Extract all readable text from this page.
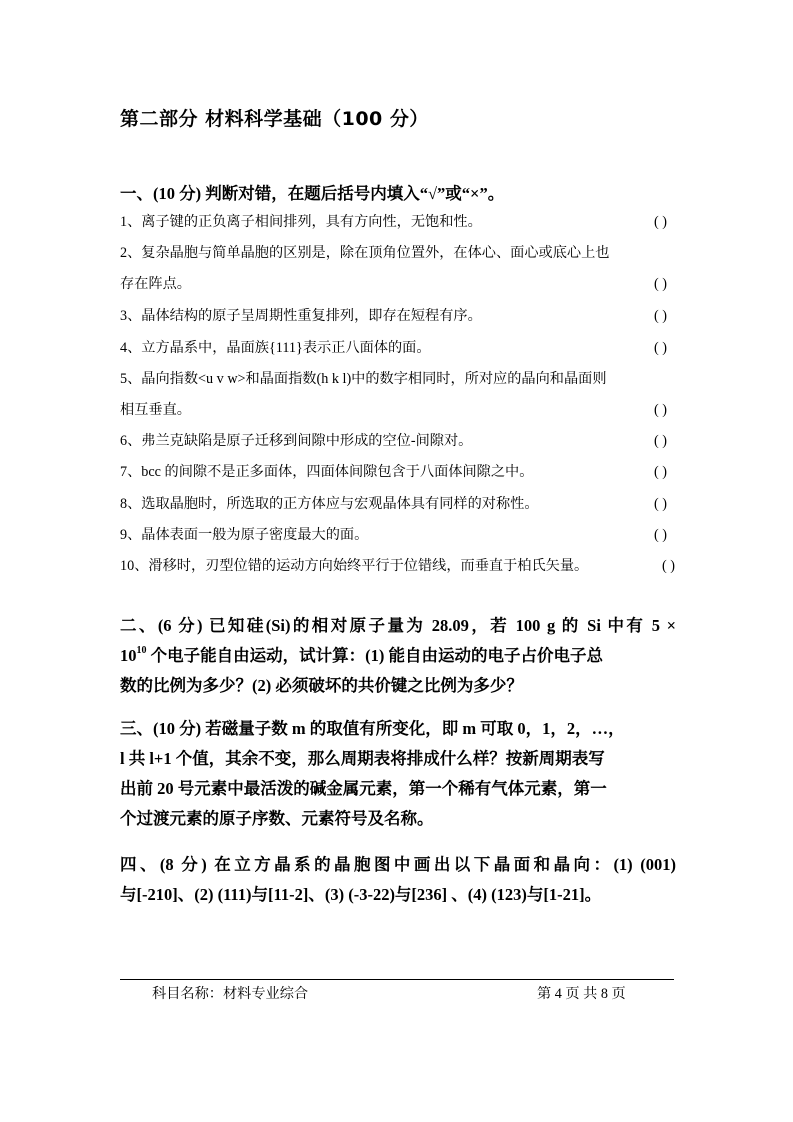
第二部分 材料科学基础（100 分）
一、(10 分) 判断对错，在题后括号内填入“√”或“×”。
1、离子键的正负离子相间排列，具有方向性，无饱和性。	( )
2、复杂晶胞与简单晶胞的区别是，除在顶角位置外，在体心、面心或底心上也
存在阵点。	( )
3、晶体结构的原子呈周期性重复排列，即存在短程有序。	( )
4、立方晶系中，晶面族{111}表示正八面体的面。	( )
5、晶向指数<u v w>和晶面指数(h k l)中的数字相同时，所对应的晶向和晶面则
相互垂直。	( )
6、弗兰克缺陷是原子迁移到间隙中形成的空位-间隙对。	( )
7、bcc 的间隙不是正多面体，四面体间隙包含于八面体间隙之中。	( )
8、选取晶胞时，所选取的正方体应与宏观晶体具有同样的对称性。	( )
9、晶体表面一般为原子密度最大的面。	( )
10、滑移时，刃型位错的运动方向始终平行于位错线，而垂直于柏氏矢量。	( )
二、(6 分) 已知硅(Si)的相对原子量为 28.09，若 100 g 的 Si 中有 5 ×
$10^{10}$ 个电子能自由运动，试计算：(1) 能自由运动的电子占价电子总
数的比例为多少？(2) 必须破坏的共价键之比例为多少？
三、(10 分) 若磁量子数 m 的取值有所变化，即 m 可取 0，1，2，…，
l 共 l+1 个值，其余不变，那么周期表将排成什么样？按新周期表写
出前 20 号元素中最活泼的碱金属元素，第一个稀有气体元素，第一
个过渡元素的原子序数、元素符号及名称。
四、(8 分) 在立方晶系的晶胞图中画出以下晶面和晶向：(1) (001)
与[-210]、(2) (111)与[11-2]、(3) (-3-22)与[236] 、(4) (123)与[1-21]。
科目名称：材料专业综合	第 4 页 共 8 页
